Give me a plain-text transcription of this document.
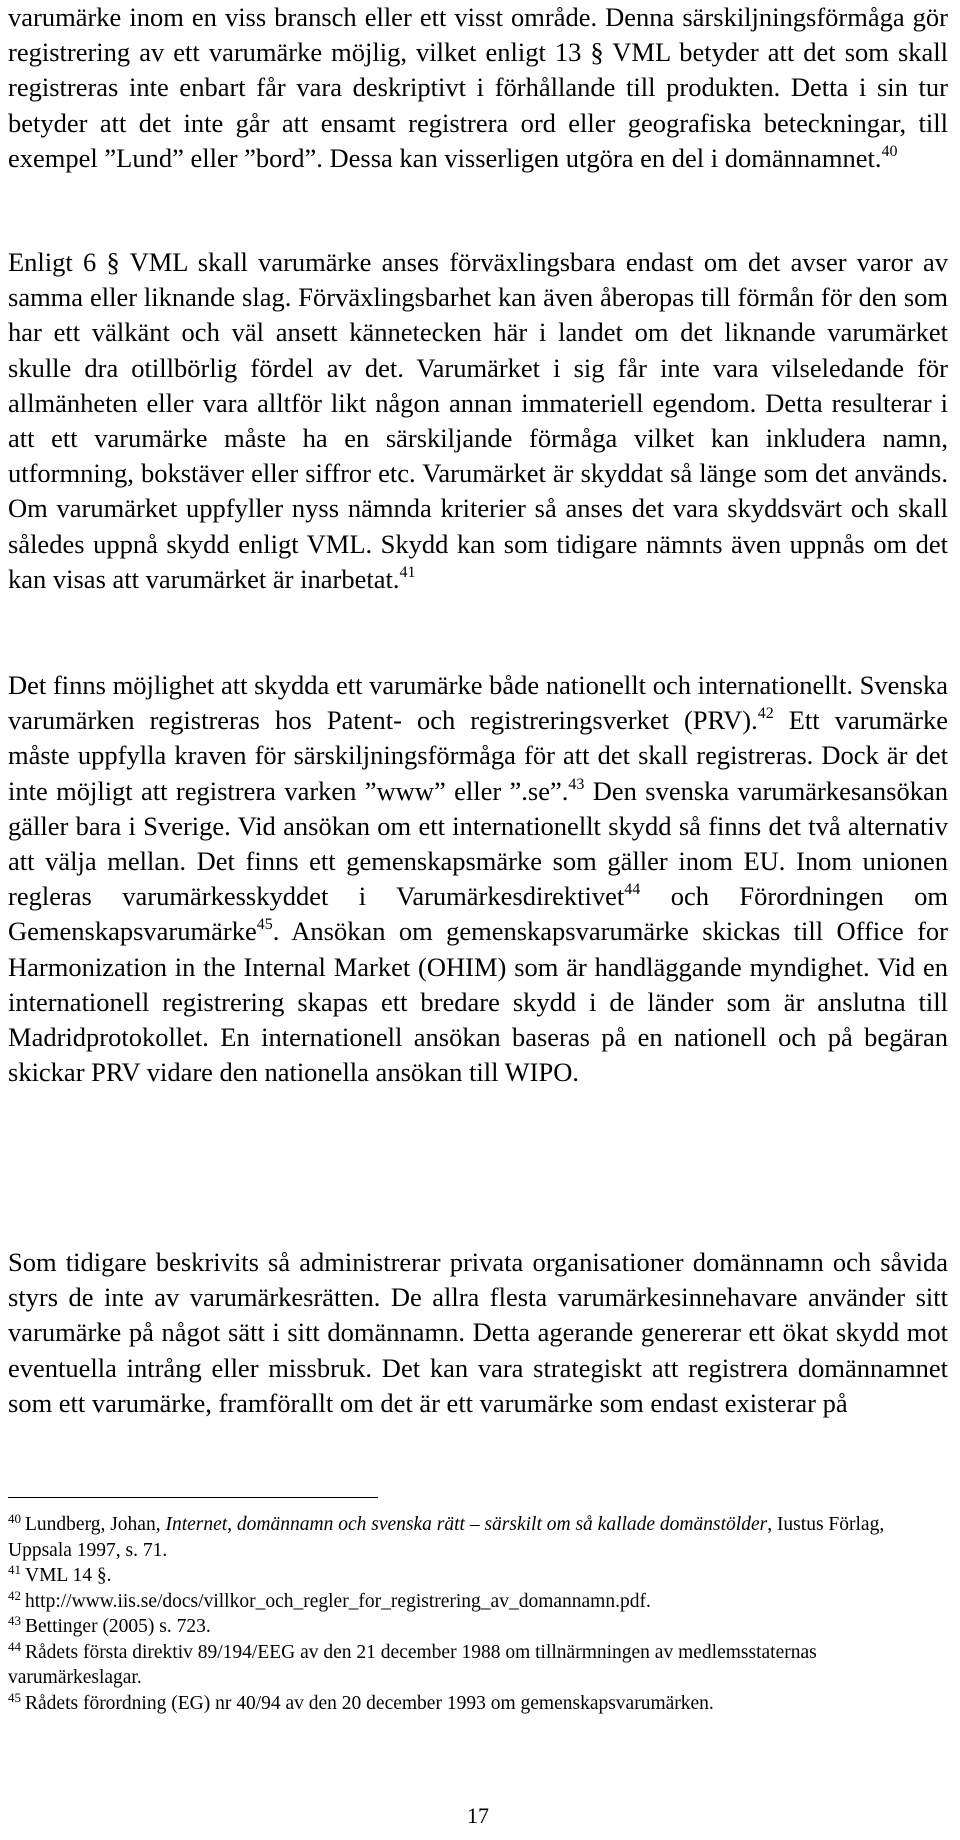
varumärke inom en viss bransch eller ett visst område. Denna särskiljningsförmåga gör registrering av ett varumärke möjlig, vilket enligt 13 § VML betyder att det som skall registreras inte enbart får vara deskriptivt i förhållande till produkten. Detta i sin tur betyder att det inte går att ensamt registrera ord eller geografiska beteckningar, till exempel ”Lund” eller ”bord”. Dessa kan visserligen utgöra en del i domännamnet.$^{40}$

Enligt 6 § VML skall varumärke anses förväxlingsbara endast om det avser varor av samma eller liknande slag. Förväxlingsbarhet kan även åberopas till förmån för den som har ett välkänt och väl ansett kännetecken här i landet om det liknande varumärket skulle dra otillbörlig fördel av det. Varumärket i sig får inte vara vilseledande för allmänheten eller vara alltför likt någon annan immateriell egendom. Detta resulterar i att ett varumärke måste ha en särskiljande förmåga vilket kan inkludera namn, utformning, bokstäver eller siffror etc. Varumärket är skyddat så länge som det används. Om varumärket uppfyller nyss nämnda kriterier så anses det vara skyddsvärt och skall således uppnå skydd enligt VML. Skydd kan som tidigare nämnts även uppnås om det kan visas att varumärket är inarbetat.$^{41}$

Det finns möjlighet att skydda ett varumärke både nationellt och internationellt. Svenska varumärken registreras hos Patent- och registreringsverket (PRV).$^{42}$ Ett varumärke måste uppfylla kraven för särskiljningsförmåga för att det skall registreras. Dock är det inte möjligt att registrera varken ”www” eller ”.se”.$^{43}$ Den svenska varumärkesansökan gäller bara i Sverige. Vid ansökan om ett internationellt skydd så finns det två alternativ att välja mellan. Det finns ett gemenskapsmärke som gäller inom EU. Inom unionen regleras varumärkesskyddet i Varumärkesdirektivet$^{44}$ och Förordningen om Gemenskapsvarumärke$^{45}$. Ansökan om gemenskapsvarumärke skickas till Office for Harmonization in the Internal Market (OHIM) som är handläggande myndighet. Vid en internationell registrering skapas ett bredare skydd i de länder som är anslutna till Madridprotokollet. En internationell ansökan baseras på en nationell och på begäran skickar PRV vidare den nationella ansökan till WIPO.

Som tidigare beskrivits så administrerar privata organisationer domännamn och såvida styrs de inte av varumärkesrätten. De allra flesta varumärkesinnehavare använder sitt varumärke på något sätt i sitt domännamn. Detta agerande genererar ett ökat skydd mot eventuella intrång eller missbruk. Det kan vara strategiskt att registrera domännamnet som ett varumärke, framförallt om det är ett varumärke som endast existerar på

$^{40}$ Lundberg, Johan, Internet, domännamn och svenska rätt – särskilt om så kallade domänstölder, Iustus Förlag, Uppsala 1997, s. 71.

$^{41}$ VML 14 §.

$^{42}$ http://www.iis.se/docs/villkor_och_regler_for_registrering_av_domannamn.pdf.

$^{43}$ Bettinger (2005) s. 723.

$^{44}$ Rådets första direktiv 89/194/EEG av den 21 december 1988 om tillnärmningen av medlemsstaternas varumärkeslagar.

$^{45}$ Rådets förordning (EG) nr 40/94 av den 20 december 1993 om gemenskapsvarumärken.

17
